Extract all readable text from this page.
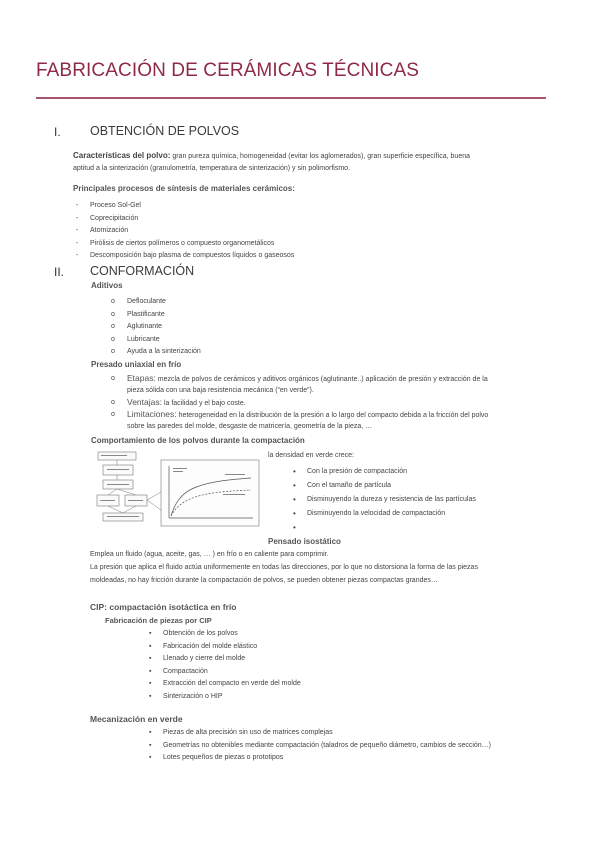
FABRICACIÓN DE CERÁMICAS TÉCNICAS
I. OBTENCIÓN DE POLVOS
Características del polvo: gran pureza química, homogeneidad (evitar los aglomerados), gran superficie específica, buena
aptitud a la sinterización (granulometría, temperatura de sinterización) y sin polimorfismo.
Principales procesos de síntesis de materiales cerámicos:
- Proceso Sol-Gel
- Coprecipitación
- Atomización
- Pirólisis de ciertos polímeros o compuesto organometálicos
- Descomposición bajo plasma de compuestos líquidos o gaseosos
II. CONFORMACIÓN
Aditivos
o Defloculante
o Plastificante
o Aglutinante
o Lubricante
o Ayuda a la sinterización
Presado uniaxial en frío
o Etapas: mezcla de polvos de cerámicos y aditivos orgánicos (aglutinante..) aplicación de presión y extracción de la
pieza sólida con una baja resistencia mecánica (“en verde”).
o Ventajas: la facilidad y el bajo coste.
o Limitaciones: heterogeneidad en la distribución de la presión a lo largo del compacto debida a la fricción del polvo
sobre las paredes del molde, desgaste de matricería, geometría de la pieza, …
Comportamiento de los polvos durante la compactación
la densidad en verde crece:
• Con la presión de compactación
• Con el tamaño de partícula
• Disminuyendo la dureza y resistencia de las partículas
• Disminuyendo la velocidad de compactación
Pensado isostático
Emplea un fluido (agua, aceite, gas, … ) en frío o en caliente para comprimir.
La presión que aplica el fluido actúa uniformemente en todas las direcciones, por lo que no distorsiona la forma de las piezas
moldeadas, no hay fricción durante la compactación de polvos, se pueden obtener piezas compactas grandes…
CIP: compactación isotáctica en frío
Fabricación de piezas por CIP
▪ Obtención de los polvos
▪ Fabricación del molde elástico
▪ Llenado y cierre del molde
▪ Compactación
▪ Extracción del compacto en verde del molde
▪ Sinterización o HIP
Mecanización en verde
▪ Piezas de alta precisión sin uso de matrices complejas
▪ Geometrías no obtenibles mediante compactación (taladros de pequeño diámetro, cambios de sección…)
▪ Lotes pequeños de piezas o prototipos
